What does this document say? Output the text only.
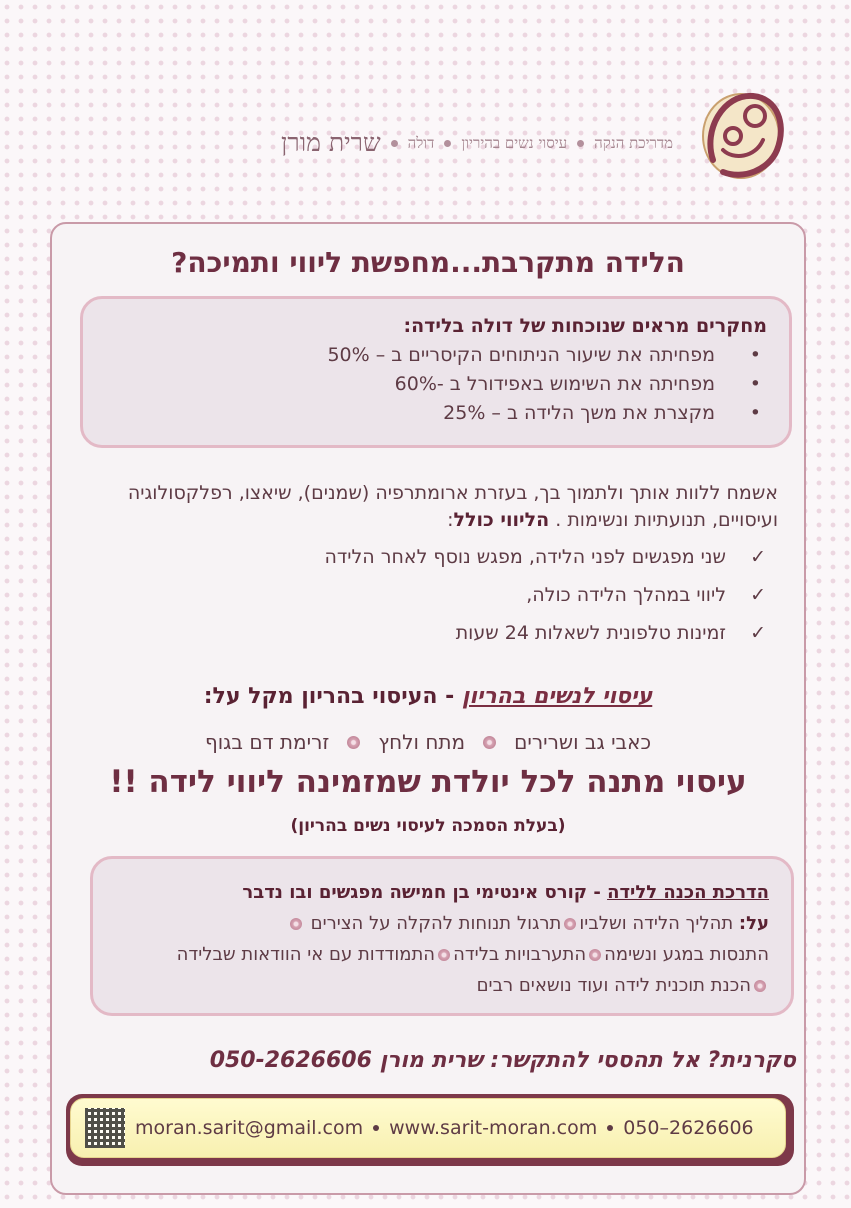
שרית מורן דולה עיסוי נשים בהיריון מדריכת הנקה
הלידה מתקרבת...מחפשת ליווי ותמיכה?
מחקרים מראים שנוכחות של דולה בלידה:
• מפחיתה את שיעור הניתוחים הקיסריים ב – 50%
• מפחיתה את השימוש באפידורל ב -60%
• מקצרת את משך הלידה ב – 25%
אשמח ללוות אותך ולתמוך בך, בעזרת ארומתרפיה (שמנים), שיאצו, רפלקסולוגיה ועיסויים, תנועתיות ונשימות . הליווי כולל:
✓
שני מפגשים לפני הלידה, מפגש נוסף לאחר הלידה
✓
ליווי במהלך הלידה כולה,
✓
זמינות טלפונית לשאלות 24 שעות
עיסוי לנשים בהריון - העיסוי בהריון מקל על:
כאבי גב ושרירים
מתח ולחץ
זרימת דם בגוף
עיסוי מתנה לכל יולדת שמזמינה ליווי לידה !!
(בעלת הסמכה לעיסוי נשים בהריון)
הדרכת הכנה ללידה - קורס אינטימי בן חמישה מפגשים ובו נדבר
על: תהליך הלידה ושלביותרגול תנוחות להקלה על הצירים
התנסות במגע ונשימההתערבויות בלידההתמודדות עם אי הוודאות שבלידה
הכנת תוכנית לידה ועוד נושאים רבים
סקרנית? אל תהססי להתקשר: שרית מורן 050-2626606
moran.sarit@gmail.com www.sarit-moran.com 050–2626606
